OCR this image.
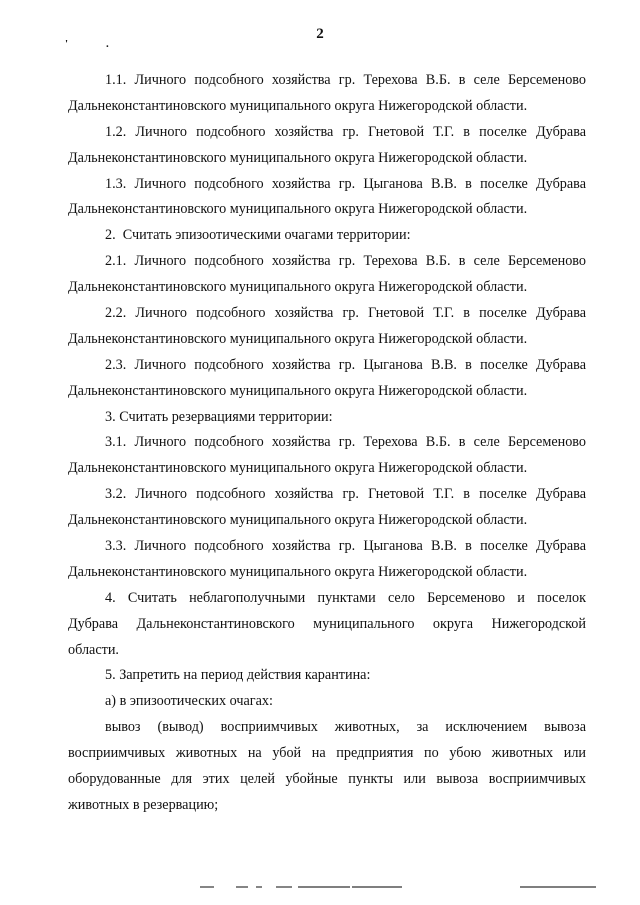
2
'	.
1.1. Личного подсобного хозяйства гр. Терехова В.Б. в селе Берсеменово
Дальнеконстантиновского муниципального округа Нижегородской области.
1.2. Личного подсобного хозяйства гр. Гнетовой Т.Г. в поселке Дубрава
Дальнеконстантиновского муниципального округа Нижегородской области.
1.3. Личного подсобного хозяйства гр. Цыганова В.В. в поселке Дубрава
Дальнеконстантиновского муниципального округа Нижегородской области.
2.  Считать эпизоотическими очагами территории:
2.1. Личного подсобного хозяйства гр. Терехова В.Б. в селе Берсеменово
Дальнеконстантиновского муниципального округа Нижегородской области.
2.2. Личного подсобного хозяйства гр. Гнетовой Т.Г. в поселке Дубрава
Дальнеконстантиновского муниципального округа Нижегородской области.
2.3. Личного подсобного хозяйства гр. Цыганова В.В. в поселке Дубрава
Дальнеконстантиновского муниципального округа Нижегородской области.
3. Считать резервациями территории:
3.1. Личного подсобного хозяйства гр. Терехова В.Б. в селе Берсеменово
Дальнеконстантиновского муниципального округа Нижегородской области.
3.2. Личного подсобного хозяйства гр. Гнетовой Т.Г. в поселке Дубрава
Дальнеконстантиновского муниципального округа Нижегородской области.
3.3. Личного подсобного хозяйства гр. Цыганова В.В. в поселке Дубрава
Дальнеконстантиновского муниципального округа Нижегородской области.
4. Считать неблагополучными пунктами село Берсеменово и поселок
Дубрава Дальнеконстантиновского муниципального округа Нижегородской
области.
5. Запретить на период действия карантина:
а) в эпизоотических очагах:
вывоз (вывод) восприимчивых животных, за исключением вывоза
восприимчивых животных на убой на предприятия по убою животных или
оборудованные для этих целей убойные пункты или вывоза восприимчивых
животных в резервацию;
